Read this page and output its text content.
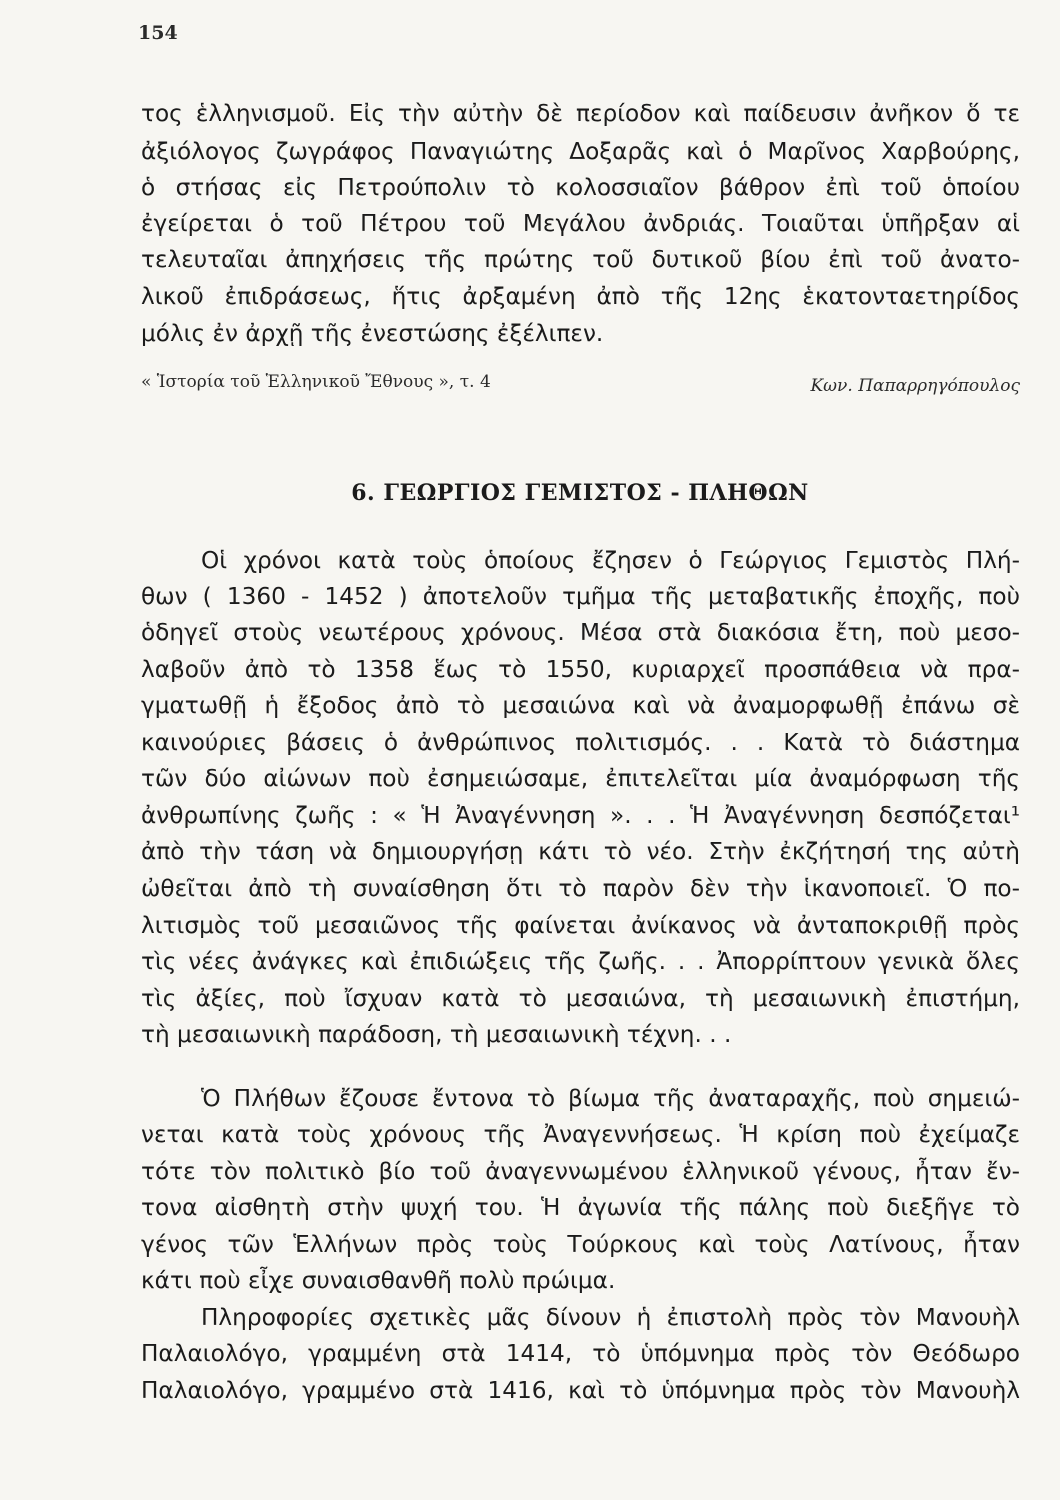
154
τος ἑλληνισμοῦ. Εἰς τὴν αὐτὴν δὲ περίοδον καὶ παίδευσιν ἀνῆκον ὅ τε
ἀξιόλογος ζωγράφος Παναγιώτης Δοξαρᾶς καὶ ὁ Μαρῖνος Χαρβούρης,
ὁ στήσας εἰς Πετρούπολιν τὸ κολοσσιαῖον βάθρον ἐπὶ τοῦ ὁποίου
ἐγείρεται ὁ τοῦ Πέτρου τοῦ Μεγάλου ἀνδριάς. Τοιαῦται ὑπῆρξαν αἱ
τελευταῖαι ἀπηχήσεις τῆς πρώτης τοῦ δυτικοῦ βίου ἐπὶ τοῦ ἀνατο-
λικοῦ ἐπιδράσεως, ἥτις ἀρξαμένη ἀπὸ τῆς 12ης ἑκατονταετηρίδος
μόλις ἐν ἀρχῇ τῆς ἐνεστώσης ἐξέλιπεν.
« Ἱστορία τοῦ Ἑλληνικοῦ Ἔθνους », τ. 4	Κων. Παπαρρηγόπουλος
6. ΓΕΩΡΓΙΟΣ ΓΕΜΙΣΤΟΣ - ΠΛΗΘΩΝ
Οἱ χρόνοι κατὰ τοὺς ὁποίους ἔζησεν ὁ Γεώργιος Γεμιστὸς Πλή-
θων ( 1360 - 1452 ) ἀποτελοῦν τμῆμα τῆς μεταβατικῆς ἐποχῆς, ποὺ
ὁδηγεῖ στοὺς νεωτέρους χρόνους. Μέσα στὰ διακόσια ἔτη, ποὺ μεσο-
λαβοῦν ἀπὸ τὸ 1358 ἕως τὸ 1550, κυριαρχεῖ προσπάθεια νὰ πρα-
γματωθῇ ἡ ἔξοδος ἀπὸ τὸ μεσαιώνα καὶ νὰ ἀναμορφωθῇ ἐπάνω σὲ
καινούριες βάσεις ὁ ἀνθρώπινος πολιτισμός. . . Κατὰ τὸ διάστημα
τῶν δύο αἰώνων ποὺ ἐσημειώσαμε, ἐπιτελεῖται μία ἀναμόρφωση τῆς
ἀνθρωπίνης ζωῆς : « Ἡ Ἀναγέννηση ». . . Ἡ Ἀναγέννηση δεσπόζεται¹
ἀπὸ τὴν τάση νὰ δημιουργήσῃ κάτι τὸ νέο. Στὴν ἐκζήτησή της αὐτὴ
ὠθεῖται ἀπὸ τὴ συναίσθηση ὅτι τὸ παρὸν δὲν τὴν ἱκανοποιεῖ. Ὁ πο-
λιτισμὸς τοῦ μεσαιῶνος τῆς φαίνεται ἀνίκανος νὰ ἀνταποκριθῇ πρὸς
τὶς νέες ἀνάγκες καὶ ἐπιδιώξεις τῆς ζωῆς. . . Ἀπορρίπτουν γενικὰ ὅλες
τὶς ἀξίες, ποὺ ἴσχυαν κατὰ τὸ μεσαιώνα, τὴ μεσαιωνικὴ ἐπιστήμη,
τὴ μεσαιωνικὴ παράδοση, τὴ μεσαιωνικὴ τέχνη. . .
Ὁ Πλήθων ἔζουσε ἔντονα τὸ βίωμα τῆς ἀναταραχῆς, ποὺ σημειώ-
νεται κατὰ τοὺς χρόνους τῆς Ἀναγεννήσεως. Ἡ κρίση ποὺ ἐχείμαζε
τότε τὸν πολιτικὸ βίο τοῦ ἀναγεννωμένου ἑλληνικοῦ γένους, ἦταν ἔν-
τονα αἰσθητὴ στὴν ψυχή του. Ἡ ἀγωνία τῆς πάλης ποὺ διεξῆγε τὸ
γένος τῶν Ἑλλήνων πρὸς τοὺς Τούρκους καὶ τοὺς Λατίνους, ἦταν
κάτι ποὺ εἶχε συναισθανθῆ πολὺ πρώιμα.
Πληροφορίες σχετικὲς μᾶς δίνουν ἡ ἐπιστολὴ πρὸς τὸν Μανουὴλ
Παλαιολόγο, γραμμένη στὰ 1414, τὸ ὑπόμνημα πρὸς τὸν Θεόδωρο
Παλαιολόγο, γραμμένο στὰ 1416, καὶ τὸ ὑπόμνημα πρὸς τὸν Μανουὴλ
